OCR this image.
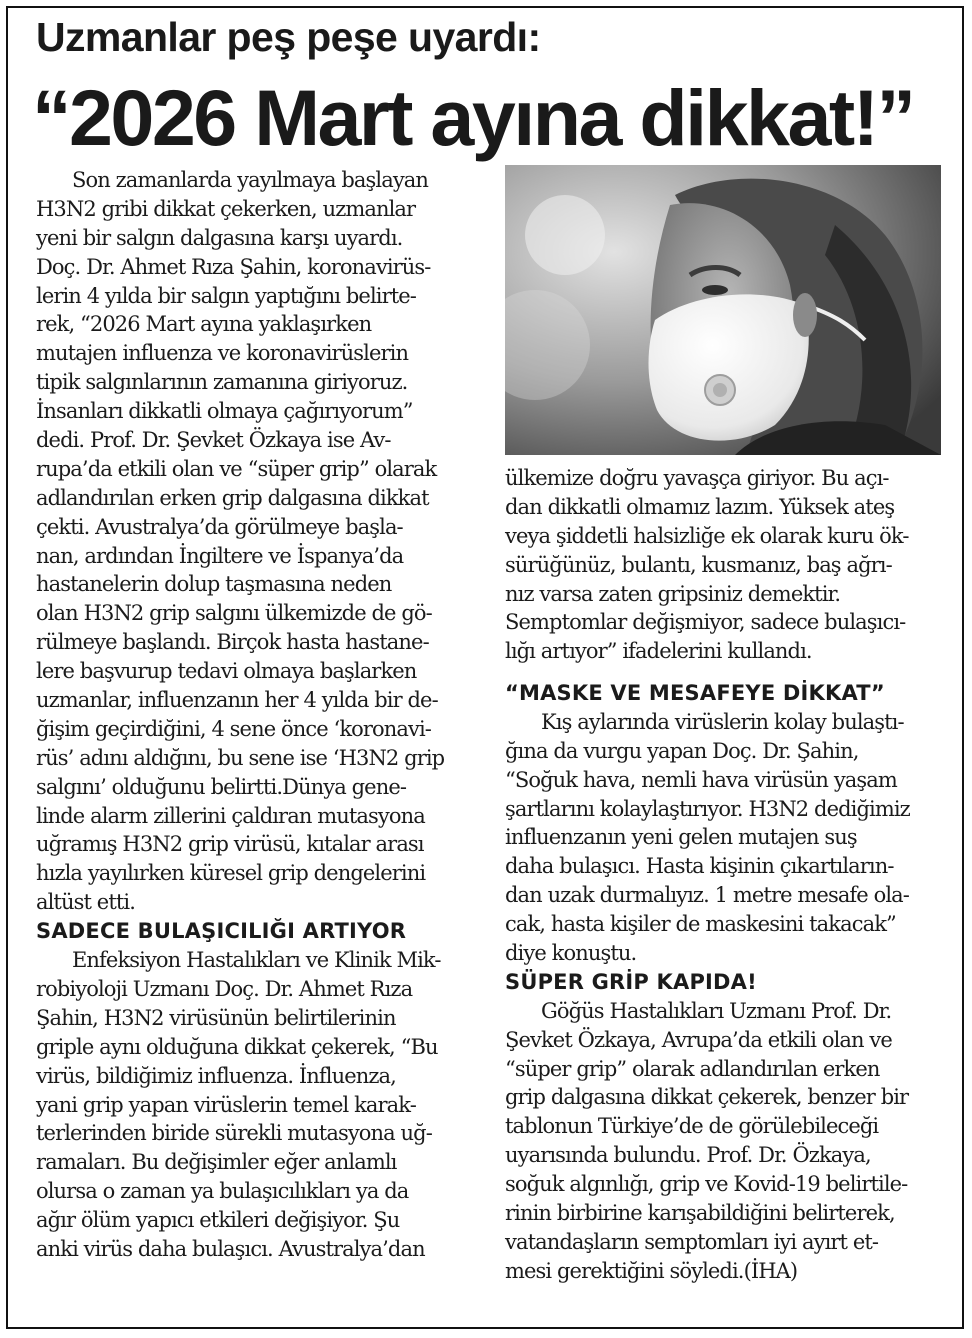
Uzmanlar peş peşe uyardı:
“2026 Mart ayına dikkat!”
Son zamanlarda yayılmaya başlayan
H3N2 gribi dikkat çekerken, uzmanlar
yeni bir salgın dalgasına karşı uyardı.
Doç. Dr. Ahmet Rıza Şahin, koronavirüs-
lerin 4 yılda bir salgın yaptığını belirte-
rek, “2026 Mart ayına yaklaşırken
mutajen influenza ve koronavirüslerin
tipik salgınlarının zamanına giriyoruz.
İnsanları dikkatli olmaya çağırıyorum”
dedi. Prof. Dr. Şevket Özkaya ise Av-
rupa’da etkili olan ve “süper grip” olarak
adlandırılan erken grip dalgasına dikkat
çekti. Avustralya’da görülmeye başla-
nan, ardından İngiltere ve İspanya’da
hastanelerin dolup taşmasına neden
olan H3N2 grip salgını ülkemizde de gö-
rülmeye başlandı. Birçok hasta hastane-
lere başvurup tedavi olmaya başlarken
uzmanlar, influenzanın her 4 yılda bir de-
ğişim geçirdiğini, 4 sene önce ‘koronavi-
rüs’ adını aldığını, bu sene ise ‘H3N2 grip
salgını’ olduğunu belirtti.Dünya gene-
linde alarm zillerini çaldıran mutasyona
uğramış H3N2 grip virüsü, kıtalar arası
hızla yayılırken küresel grip dengelerini
altüst etti.
SADECE BULAŞICILIĞI ARTIYOR
Enfeksiyon Hastalıkları ve Klinik Mik-
robiyoloji Uzmanı Doç. Dr. Ahmet Rıza
Şahin, H3N2 virüsünün belirtilerinin
griple aynı olduğuna dikkat çekerek, “Bu
virüs, bildiğimiz influenza. İnfluenza,
yani grip yapan virüslerin temel karak-
terlerinden biride sürekli mutasyona uğ-
ramaları. Bu değişimler eğer anlamlı
olursa o zaman ya bulaşıcılıkları ya da
ağır ölüm yapıcı etkileri değişiyor. Şu
anki virüs daha bulaşıcı. Avustralya’dan
ülkemize doğru yavaşça giriyor. Bu açı-
dan dikkatli olmamız lazım. Yüksek ateş
veya şiddetli halsizliğe ek olarak kuru ök-
sürüğünüz, bulantı, kusmanız, baş ağrı-
nız varsa zaten gripsiniz demektir.
Semptomlar değişmiyor, sadece bulaşıcı-
lığı artıyor” ifadelerini kullandı.
“MASKE VE MESAFEYE DİKKAT”
Kış aylarında virüslerin kolay bulaştı-
ğına da vurgu yapan Doç. Dr. Şahin,
“Soğuk hava, nemli hava virüsün yaşam
şartlarını kolaylaştırıyor. H3N2 dediğimiz
influenzanın yeni gelen mutajen suş
daha bulaşıcı. Hasta kişinin çıkartıların-
dan uzak durmalıyız. 1 metre mesafe ola-
cak, hasta kişiler de maskesini takacak”
diye konuştu.
SÜPER GRİP KAPIDA!
Göğüs Hastalıkları Uzmanı Prof. Dr.
Şevket Özkaya, Avrupa’da etkili olan ve
“süper grip” olarak adlandırılan erken
grip dalgasına dikkat çekerek, benzer bir
tablonun Türkiye’de de görülebileceği
uyarısında bulundu. Prof. Dr. Özkaya,
soğuk algınlığı, grip ve Kovid-19 belirtile-
rinin birbirine karışabildiğini belirterek,
vatandaşların semptomları iyi ayırt et-
mesi gerektiğini söyledi.(İHA)
